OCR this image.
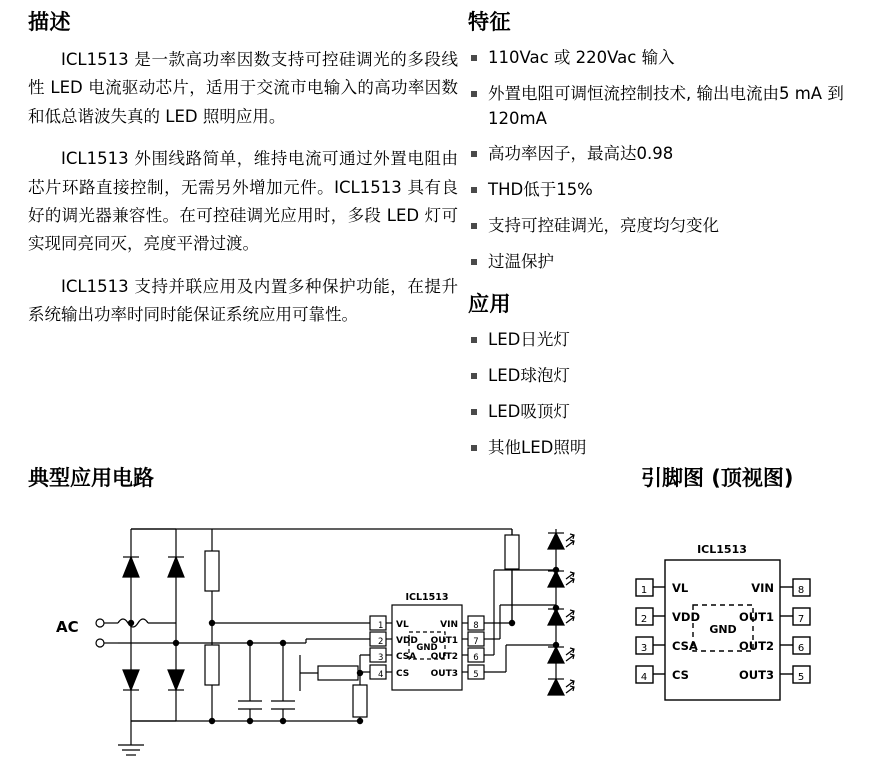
描述

ICL1513 是一款高功率因数支持可控硅调光的多段线性 LED 电流驱动芯片，适用于交流市电输入的高功率因数和低总谐波失真的 LED 照明应用。

ICL1513 外围线路简单，维持电流可通过外置电阻由芯片环路直接控制，无需另外增加元件。ICL1513 具有良好的调光器兼容性。在可控硅调光应用时，多段 LED 灯可实现同亮同灭，亮度平滑过渡。

ICL1513 支持并联应用及内置多种保护功能，在提升系统输出功率时同时能保证系统应用可靠性。

特征
110Vac 或 220Vac 输入
外置电阻可调恒流控制技术, 输出电流由5 mA 到 120mA
高功率因子，最高达0.98
THD低于15%
支持可控硅调光，亮度均匀变化
过温保护
应用
LED日光灯
LED球泡灯
LED吸顶灯
其他LED照明
典型应用电路	引脚图 (顶视图)
ICL1513
GND
1
2
3
4
VL
VDD
CSA
CS
8
7
6
5
VIN
OUT1
OUT2
OUT3
AC
ICL1513
GND
1
2
3
4
VL
VDD
CSA
CS
8
7
6
5
VIN
OUT1
OUT2
OUT3
